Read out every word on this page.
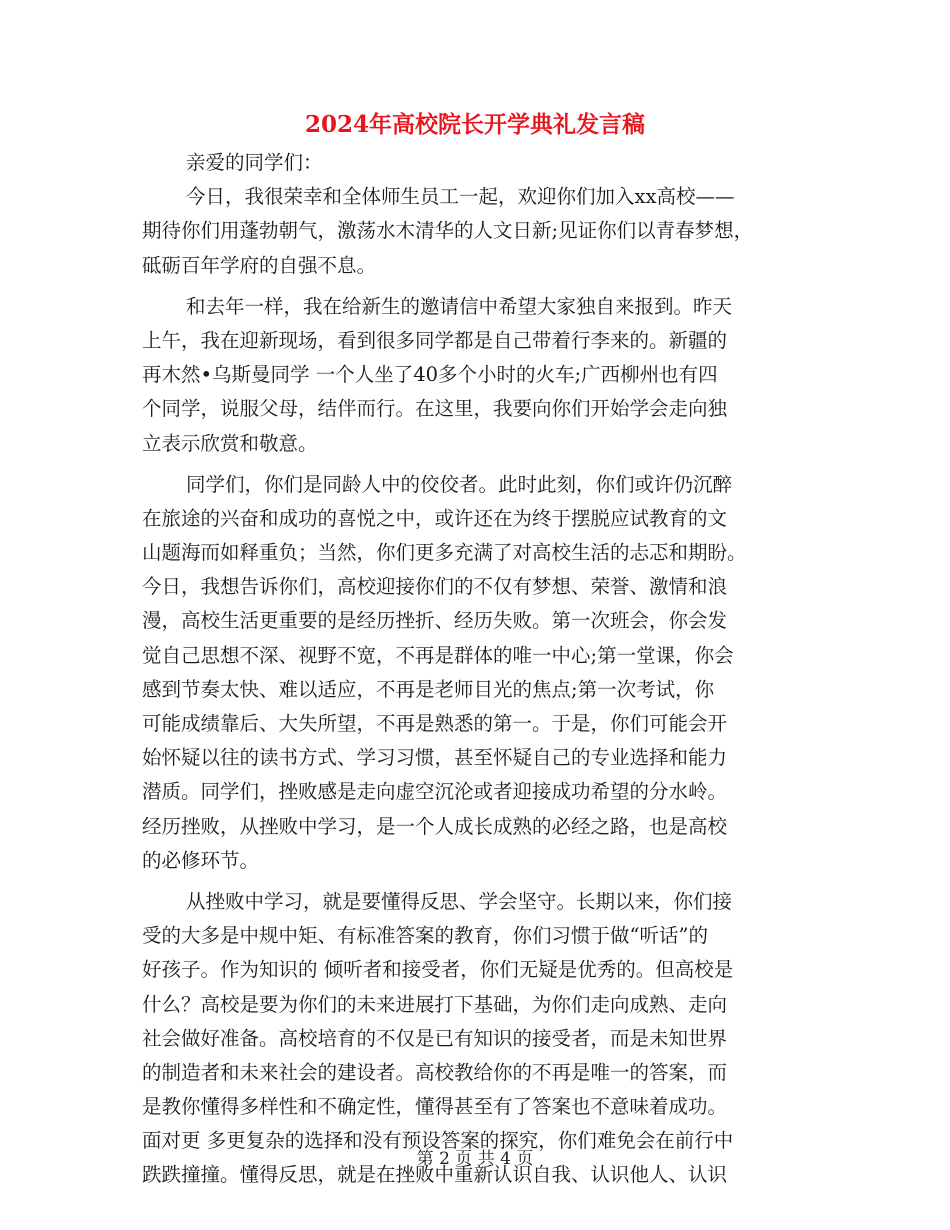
2024年高校院长开学典礼发言稿
亲爱的同学们：
今日，我很荣幸和全体师生员工一起，欢迎你们加入xx高校——
期待你们用蓬勃朝气，激荡水木清华的人文日新;见证你们以青春梦想，
砥砺百年学府的自强不息。
和去年一样，我在给新生的邀请信中希望大家独自来报到。昨天
上午，我在迎新现场，看到很多同学都是自己带着行李来的。新疆的
再木然•乌斯曼同学 一个人坐了40多个小时的火车;广西柳州也有四
个同学，说服父母，结伴而行。在这里，我要向你们开始学会走向独
立表示欣赏和敬意。
同学们，你们是同龄人中的佼佼者。此时此刻，你们或许仍沉醉
在旅途的兴奋和成功的喜悦之中，或许还在为终于摆脱应试教育的文
山题海而如释重负；当然，你们更多充满了对高校生活的忐忑和期盼。
今日，我想告诉你们，高校迎接你们的不仅有梦想、荣誉、激情和浪
漫，高校生活更重要的是经历挫折、经历失败。第一次班会，你会发
觉自己思想不深、视野不宽，不再是群体的唯一中心;第一堂课，你会
感到节奏太快、难以适应，不再是老师目光的焦点;第一次考试，你
可能成绩靠后、大失所望，不再是熟悉的第一。于是，你们可能会开
始怀疑以往的读书方式、学习习惯，甚至怀疑自己的专业选择和能力
潜质。同学们，挫败感是走向虚空沉沦或者迎接成功希望的分水岭。
经历挫败，从挫败中学习，是一个人成长成熟的必经之路，也是高校
的必修环节。
从挫败中学习，就是要懂得反思、学会坚守。长期以来，你们接
受的大多是中规中矩、有标准答案的教育，你们习惯于做“听话”的
好孩子。作为知识的 倾听者和接受者，你们无疑是优秀的。但高校是
什么？高校是要为你们的未来进展打下基础，为你们走向成熟、走向
社会做好准备。高校培育的不仅是已有知识的接受者，而是未知世界
的制造者和未来社会的建设者。高校教给你的不再是唯一的答案，而
是教你懂得多样性和不确定性，懂得甚至有了答案也不意味着成功。
面对更 多更复杂的选择和没有预设答案的探究，你们难免会在前行中
跌跌撞撞。懂得反思，就是在挫败中重新认识自我、认识他人、认识
第 2 页 共 4 页
